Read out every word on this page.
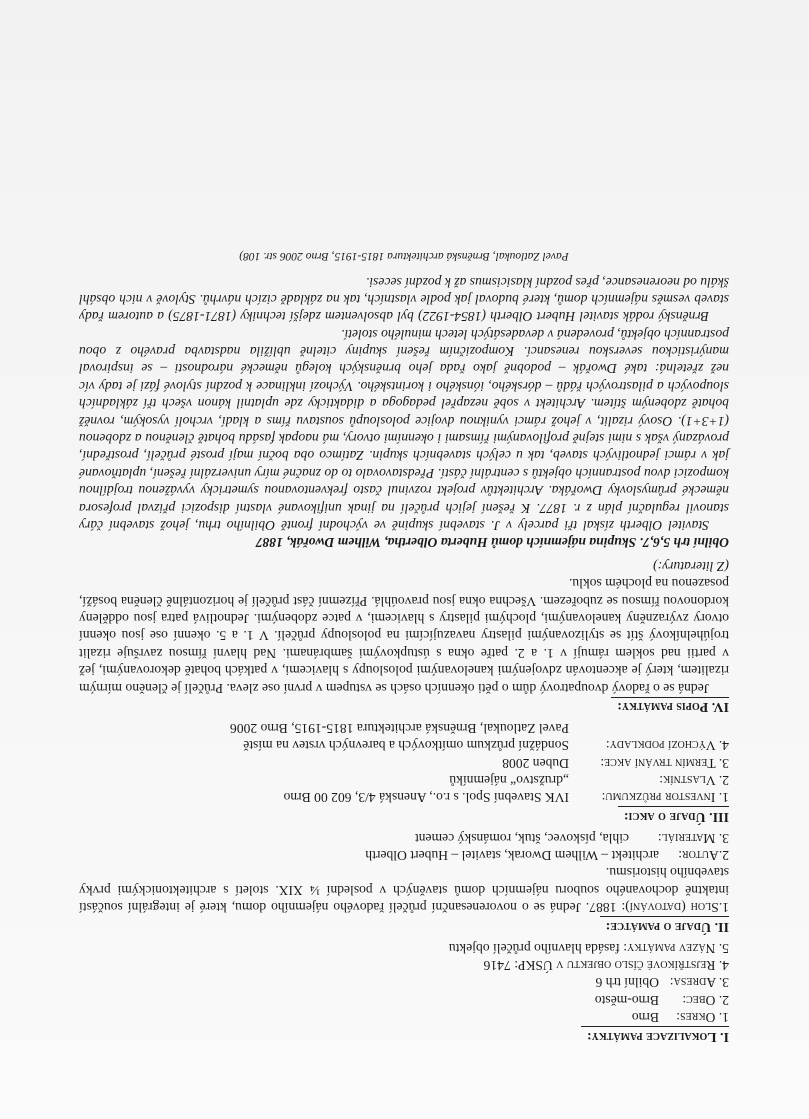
I. Lokalizace památky:
1. Okres:
Brno
2. Obec:
Brno-město
3. Adresa:
Obilní trh 6
4. Rejstříkové číslo objektu v ÚSKP:

7416
5. Název památky:

fasáda hlavního průčelí objektu
II. Údaje o památce:

1.Sloh (datování): 1887. Jedná se o novorenesanční průčelí řadového nájemního domu, které je integrální součástí intaktně dochovaného souboru nájemních domů stavěných v poslední ¼ XIX. století s architektonickými prvky stavebního historismu.

2.Autor:
architekt – Wilhem Dworak, stavitel – Hubert Olberth
3. Materiál:
cihla, pískovec, štuk, románský cement
III. Údaje o akci:
1. Investor průzkumu:
IVK Stavební Spol. s r.o., Anenská 4/3, 602 00 Brno
2. Vlastník:
„družstvo“ nájemníků
3. Termín trvání akce:
Duben 2008
4. Výchozí podklady:
Sondážní průzkum omítkových a barevných vrstev na místě
Pavel Zatloukal, Brněnská architektura 1815-1915, Brno 2006
IV. Popis památky:

Jedná se o řadový dvoupatrový dům o pěti okenních osách se vstupem v první ose zleva. Průčelí je členěno mírným rizalitem, který je akcentován zdvojenými kanelovanými polosloupy s hlavicemi, v patkách bohatě dekorovanými, jež v partii nad soklem rámují v 1. a 2. patře okna s ústupkovými šambránami. Nad hlavní římsou završuje rizalit trojúhelníkový štít se stylizovanými pilastry navazujícími na polosloupy průčelí. V 1. a 5. okenní ose jsou okenní otvory zvýrazněny kanelovanými, plochými pilastry s hlavicemi, v patce zdobenými. Jednotlivá patra jsou odděleny kordonovou římsou se zubořezem. Všechna okna jsou pravoúhlá. Přízemní část průčelí je horizontálně členěna bosáží, posazenou na plochém soklu.

(Z literatury:)
Obilní trh 5,6,7. Skupina nájemních domů Huberta Olbertha, Wilhem Dwořák, 1887

Stavitel Olberth získal tři parcely v J. stavební skupině ve východní frontě Obilního trhu, jehož stavební čáry stanovil regulační plán z r. 1877. K řešení jejich průčelí na jinak unifikované vlastní dispozici přizval profesora německé průmyslovky Dwořáka. Architektův projekt rozvinul často frekventovanou symetricky vyváženou trojdílnou kompozici dvou postranních objektů s centrální částí. Představovalo to do značné míry univerzální řešení, uplatňované jak v rámci jednotlivých staveb, tak u celých stavebních skupin. Zatímco oba boční mají prosté průčelí, prostřední, provázaný však s nimi stejně profilovanými římsami i okenními otvory, má naopak fasádu bohatě členěnou a zdobenou (1+3+1). Osový rizalit, v jehož rámci vyniknou dvojice polosloupů soustavu říms a kladí, vrcholí vysokým, rovněž bohatě zdobeným štítem. Architekt v sobě nezapřel pedagoga a didakticky zde uplatnil kánon všech tří základních sloupových a pilastrových řádů – dórského, iónského i korintského. Výchozí inklinace k pozdní stylové fázi je tady víc než zřetelná: také Dwořák – podobně jako řada jeho brněnských kolegů německé národnosti – se inspiroval manýristickou severskou renesancí. Kompozičním řešení skupiny citelně ublížila nadstavba pravého z obou postranních objektů, provedená v devadesátých letech minulého století.

Brněnský rodák stavitel Hubert Olberth (1854-1922) byl absolventem zdejší techniky (1871-1875) a autorem řady staveb vesměs nájemních domů, které budoval jak podle vlastních, tak na základě cizích návrhů. Stylově v nich obsáhl škálu od neorenesance, přes pozdní klasicismus až k pozdní secesi.

Pavel Zatloukal, Brněnská architektura 1815-1915, Brno 2006 str. 108)
